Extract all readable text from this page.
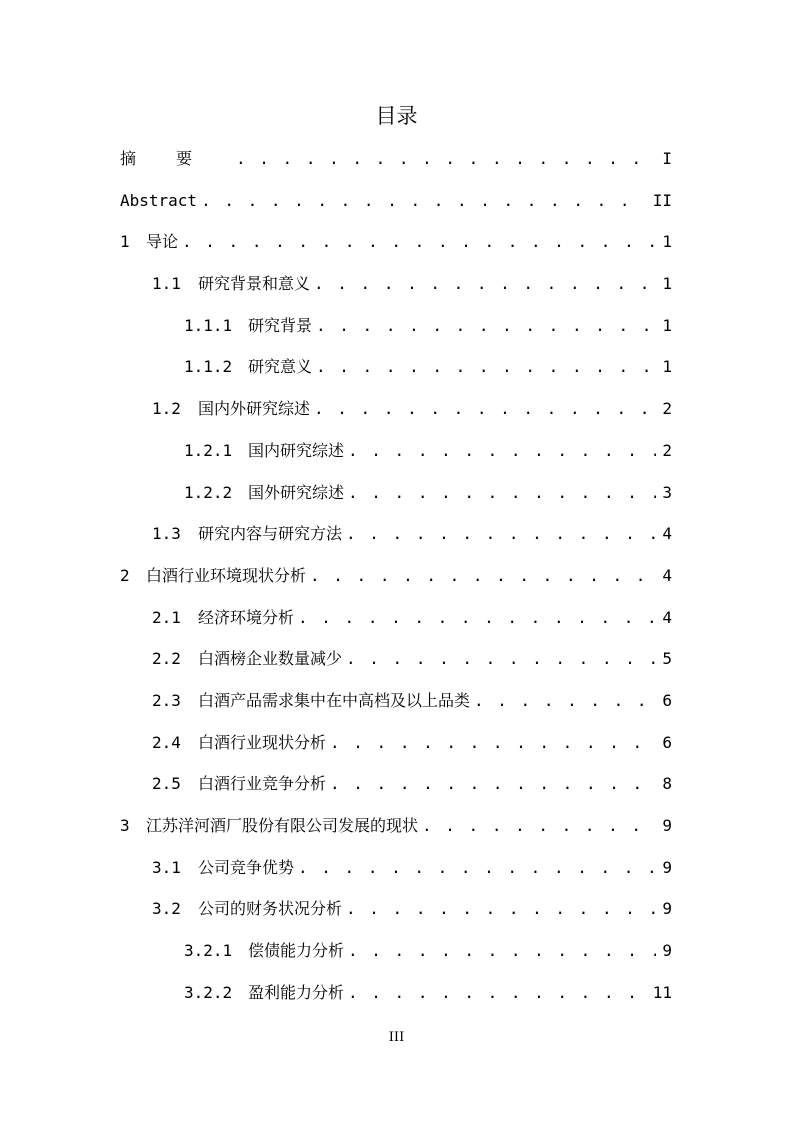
目录
摘要 . . .	I
Abstract . . .	II
1	导论 . . .	1
1.1	研究背景和意义 . . .	1
1.1.1 研究背景 . . .	1
1.1.2 研究意义 . . .	1
1.2	国内外研究综述 . . .	2
1.2.1 国内研究综述 . . .	2
1.2.2 国外研究综述 . . .	3
1.3	研究内容与研究方法 . . .	4
2	白酒行业环境现状分析 . . .	4
2.1	经济环境分析 . . .	4
2.2	白酒榜企业数量减少 . . .	5
2.3	白酒产品需求集中在中高档及以上品类 . . .	6
2.4	白酒行业现状分析 . . .	6
2.5	白酒行业竞争分析 . . .	8
3	江苏洋河酒厂股份有限公司发展的现状 . . .	9
3.1	公司竞争优势 . . .	9
3.2	公司的财务状况分析 . . .	9
3.2.1 偿债能力分析 . . .	9
3.2.2 盈利能力分析 . . .	11
III
